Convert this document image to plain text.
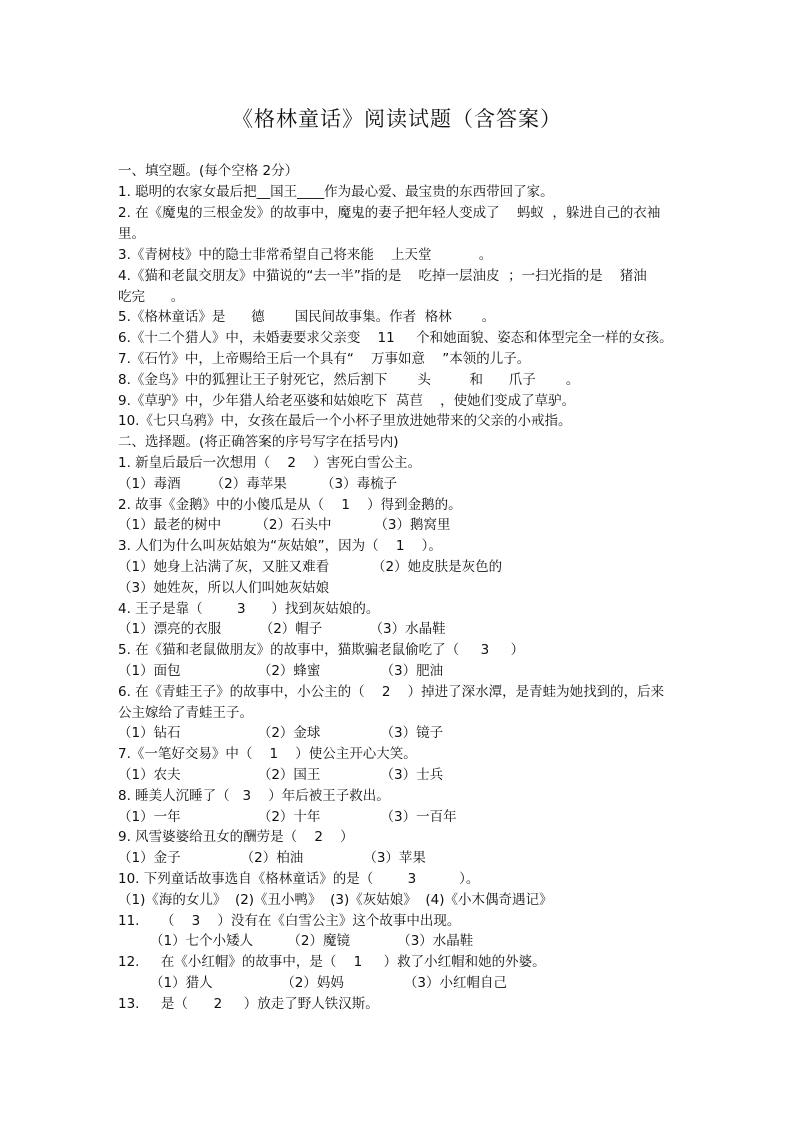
《格林童话》阅读试题（含答案）
一、填空题。(每个空格 2分）
1. 聪明的农家女最后把__国王____作为最心爱、最宝贵的东西带回了家。
2. 在《魔鬼的三根金发》的故事中，魔鬼的妻子把年轻人变成了    蚂蚁  ，躲进自己的衣袖
里。
3.《青树枝》中的隐士非常希望自己将来能    上天堂           。
4.《猫和老鼠交朋友》中猫说的“去一半”指的是    吃掉一层油皮  ；一扫光指的是    猪油
吃完      。
5.《格林童话》是      德       国民间故事集。作者  格林       。
6.《十二个猎人》中，未婚妻要求父亲变    11     个和她面貌、姿态和体型完全一样的女孩。
7.《石竹》中，上帝赐给王后一个具有“    万事如意    ”本领的儿子。
8.《金鸟》中的狐狸让王子射死它，然后割下       头         和      爪子       。
9.《草驴》中，少年猎人给老巫婆和姑娘吃下  莴苣    ，使她们变成了草驴。
10.《七只乌鸦》中，女孩在最后一个小杯子里放进她带来的父亲的小戒指。
二、选择题。(将正确答案的序号写字在括号内)
1. 新皇后最后一次想用（    2    ）害死白雪公主。
（1）毒酒       （2）毒苹果        （3）毒梳子
2. 故事《金鹅》中的小傻瓜是从（    1    ）得到金鹅的。
（1）最老的树中        （2）石头中          （3）鹅窝里
3. 人们为什么叫灰姑娘为“灰姑娘”，因为（    1    ）。
（1）她身上沾满了灰，又脏又难看          （2）她皮肤是灰色的
（3）她姓灰，所以人们叫她灰姑娘
4. 王子是靠（        3      ）找到灰姑娘的。
（1）漂亮的衣服         （2）帽子           （3）水晶鞋
5. 在《猫和老鼠做朋友》的故事中，猫欺骗老鼠偷吃了（     3     ）
（1）面包                  （2）蜂蜜              （3）肥油
6. 在《青蛙王子》的故事中，小公主的（    2    ）掉进了深水潭，是青蛙为她找到的，后来
公主嫁给了青蛙王子。
（1）钻石                  （2）金球              （3）镜子
7.《一笔好交易》中（    1    ）使公主开心大笑。
（1）农夫                  （2）国王              （3）士兵
8. 睡美人沉睡了（   3    ）年后被王子救出。
（1）一年                  （2）十年              （3）一百年
9. 风雪婆婆给丑女的酬劳是（    2    ）
（1）金子              （2）柏油              （3）苹果
10. 下列童话故事选自《格林童话》的是（        3          ）。
（1)《海的女儿》  (2)《丑小鸭》  (3)《灰姑娘》  (4)《小木偶奇遇记》
11.     （    3    ）没有在《白雪公主》这个故事中出现。
（1）七个小矮人        （2）魔镜           （3）水晶鞋
12.     在《小红帽》的故事中，是（    1     ）救了小红帽和她的外婆。
（1）猎人                （2）妈妈              （3）小红帽自己
13.     是（      2     ）放走了野人铁汉斯。
